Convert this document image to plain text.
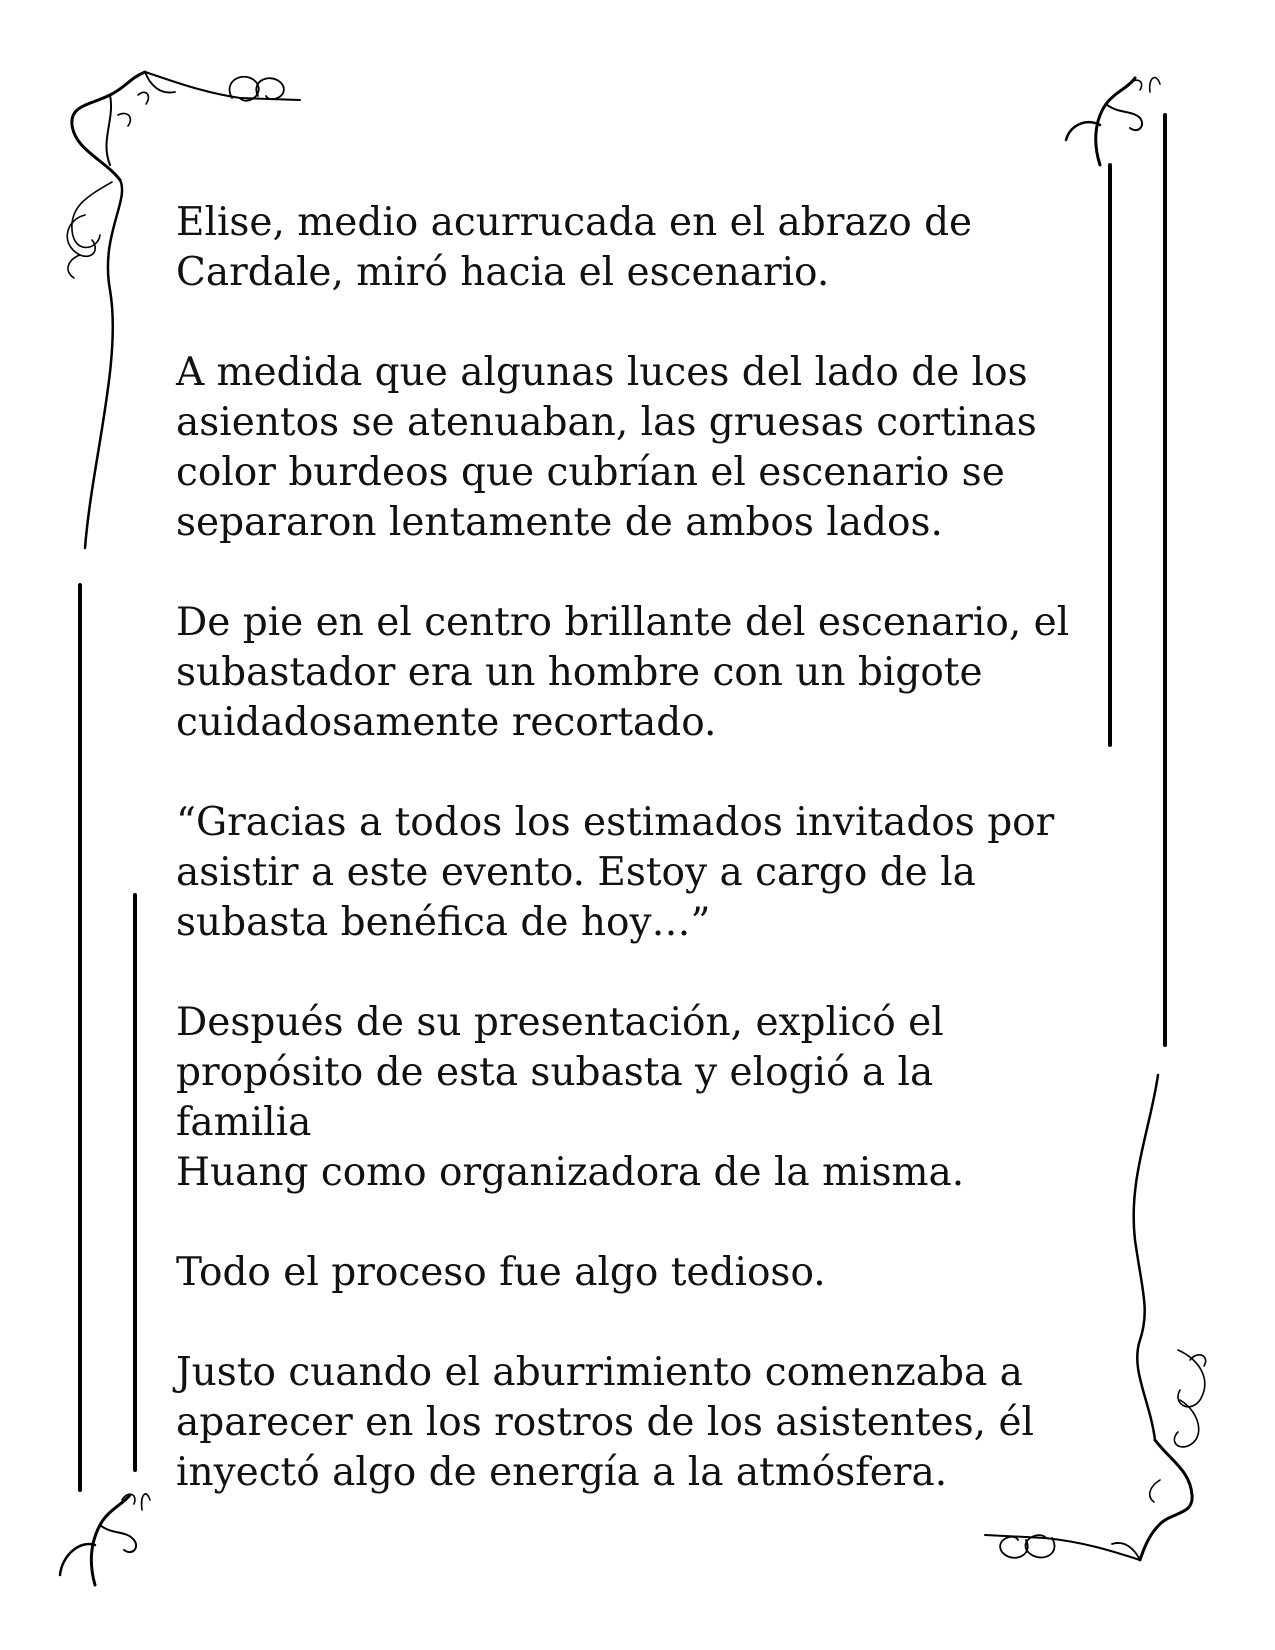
Elise, medio acurrucada en el abrazo de
Cardale, miró hacia el escenario.

A medida que algunas luces del lado de los
asientos se atenuaban, las gruesas cortinas
color burdeos que cubrían el escenario se
separaron lentamente de ambos lados.

De pie en el centro brillante del escenario, el
subastador era un hombre con un bigote
cuidadosamente recortado.

“Gracias a todos los estimados invitados por
asistir a este evento. Estoy a cargo de la
subasta benéfica de hoy…”

Después de su presentación, explicó el
propósito de esta subasta y elogió a la familia
Huang como organizadora de la misma.

Todo el proceso fue algo tedioso.

Justo cuando el aburrimiento comenzaba a
aparecer en los rostros de los asistentes, él
inyectó algo de energía a la atmósfera.
